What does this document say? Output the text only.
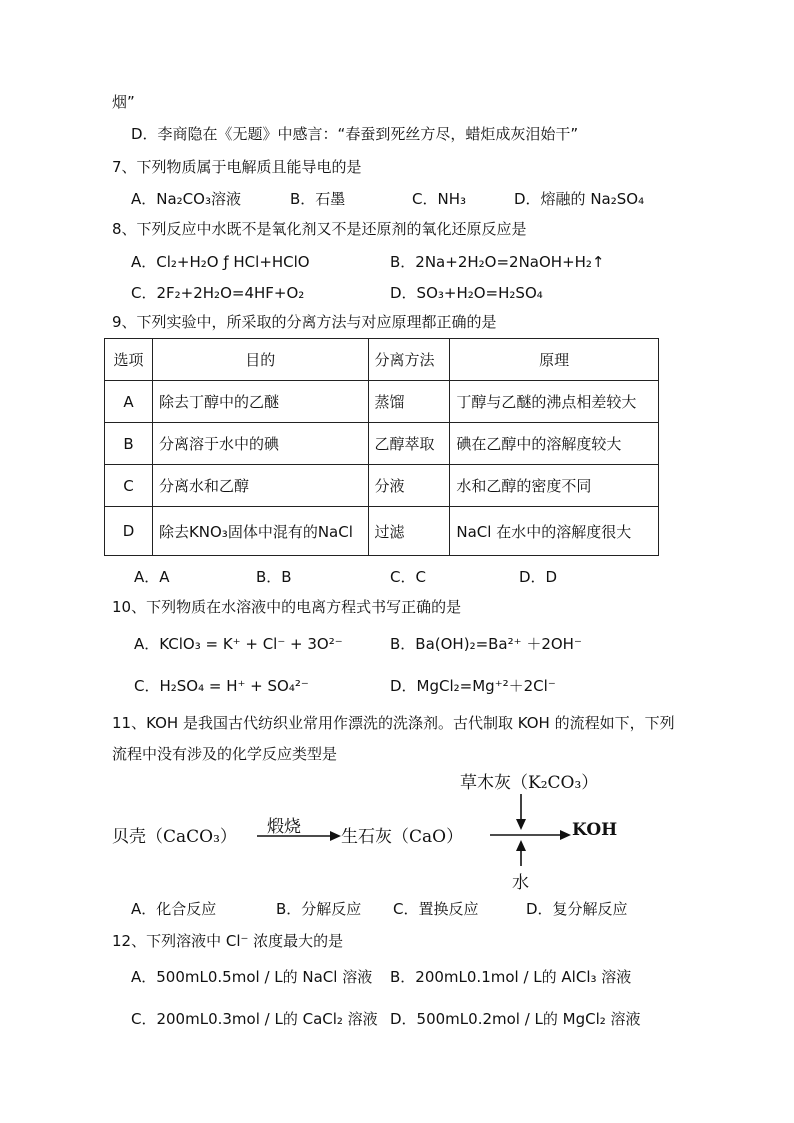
烟”
D．李商隐在《无题》中感言：“春蚕到死丝方尽，蜡炬成灰泪始干”
7、下列物质属于电解质且能导电的是
A．Na₂CO₃溶液	B．石墨	C．NH₃	D．熔融的 Na₂SO₄
8、下列反应中水既不是氧化剂又不是还原剂的氧化还原反应是
A．Cl₂+H₂O ƒ HCl+HClO	B．2Na+2H₂O=2NaOH+H₂↑
C．2F₂+2H₂O=4HF+O₂	D．SO₃+H₂O=H₂SO₄
9、下列实验中，所采取的分离方法与对应原理都正确的是
选项	目的	分离方法	原理
A	除去丁醇中的乙醚	蒸馏	丁醇与乙醚的沸点相差较大
B	分离溶于水中的碘	乙醇萃取	碘在乙醇中的溶解度较大
C	分离水和乙醇	分液	水和乙醇的密度不同
D	除去KNO₃固体中混有的NaCl	过滤	NaCl 在水中的溶解度很大
A．A	B．B	C．C	D．D
10、下列物质在水溶液中的电离方程式书写正确的是
A．KClO₃ = K⁺ + Cl⁻ + 3O²⁻	B．Ba(OH)₂=Ba²⁺ ＋2OH⁻
C．H₂SO₄ = H⁺ + SO₄²⁻	D．MgCl₂=Mg⁺²＋2Cl⁻
11、KOH 是我国古代纺织业常用作漂洗的洗涤剂。古代制取 KOH 的流程如下，下列
流程中没有涉及的化学反应类型是
草木灰（K₂CO₃）
贝壳（CaCO₃） 煅烧 生石灰（CaO）	KOH
水
A．化合反应	B．分解反应 C．置换反应	D．复分解反应
12、下列溶液中 Cl⁻ 浓度最大的是
A．500mL0.5mol / L的 NaCl 溶液 B．200mL0.1mol / L的 AlCl₃ 溶液
C．200mL0.3mol / L的 CaCl₂ 溶液 D．500mL0.2mol / L的 MgCl₂ 溶液
